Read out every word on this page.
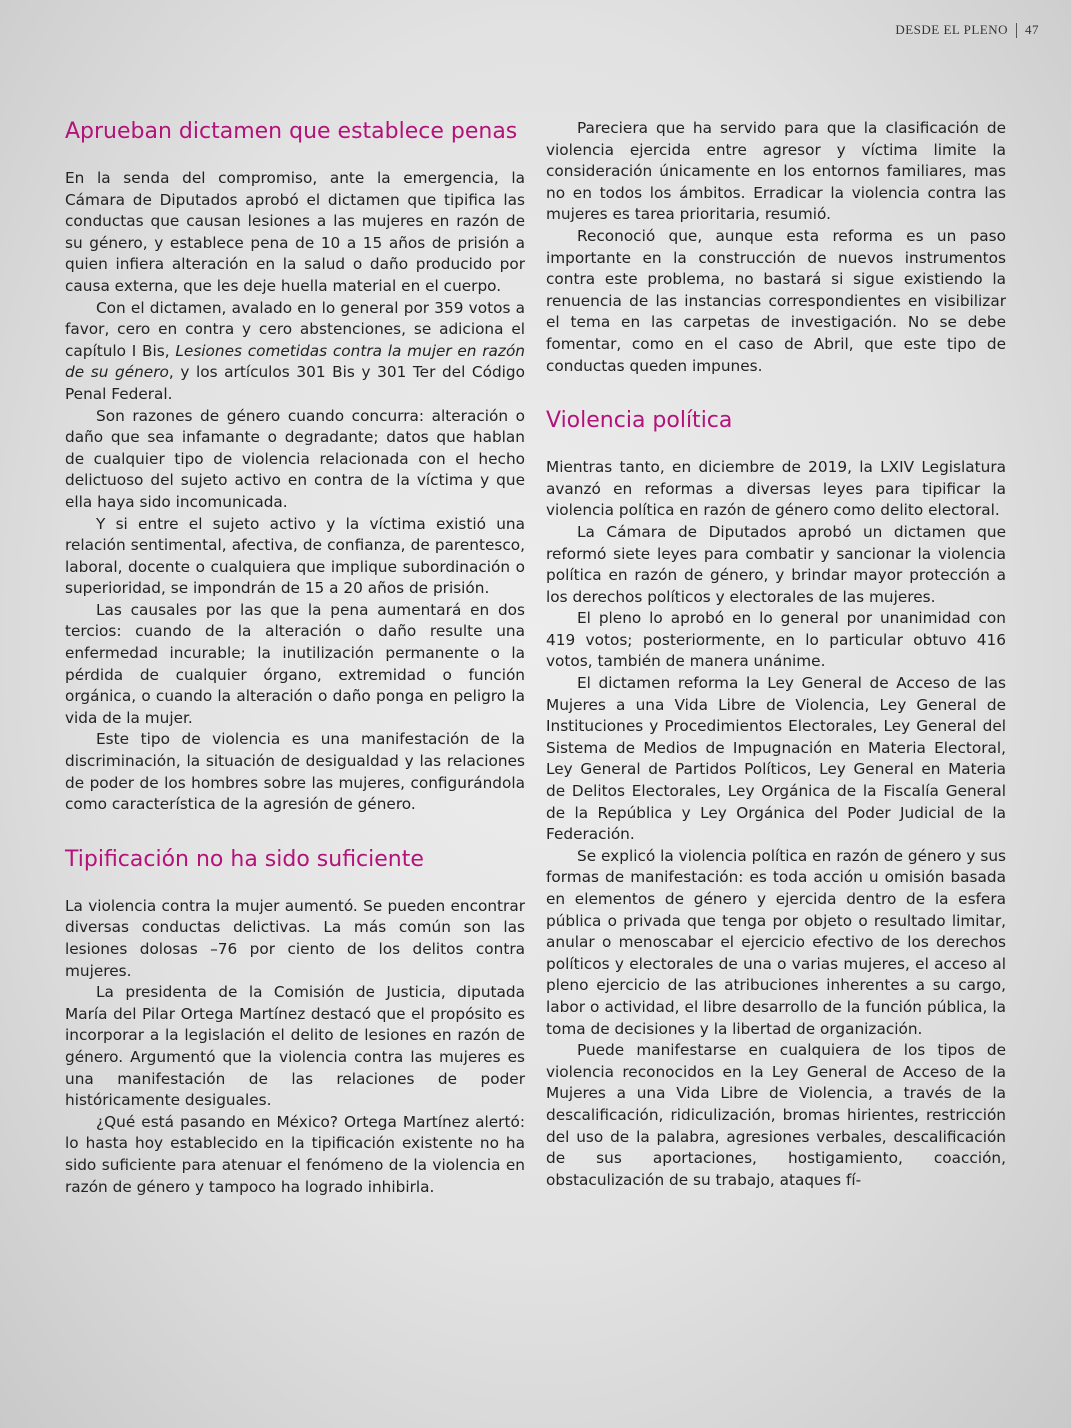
DESDE EL PLENO 47
Aprueban dictamen que establece penas

En la senda del compromiso, ante la emergencia, la Cámara de Diputados aprobó el dictamen que tipifica las conductas que causan lesiones a las mujeres en razón de su género, y establece pena de 10 a 15 años de prisión a quien infiera alteración en la salud o daño producido por causa externa, que les deje huella material en el cuerpo.

Con el dictamen, avalado en lo general por 359 votos a favor, cero en contra y cero abstenciones, se adiciona el capítulo I Bis, Lesiones cometidas contra la mujer en razón de su género, y los artículos 301 Bis y 301 Ter del Código Penal Federal.

Son razones de género cuando concurra: alteración o daño que sea infamante o degradante; datos que hablan de cualquier tipo de violencia relacionada con el hecho delictuoso del sujeto activo en contra de la víctima y que ella haya sido incomunicada.

Y si entre el sujeto activo y la víctima existió una relación sentimental, afectiva, de confianza, de parentesco, laboral, docente o cualquiera que implique subordinación o superioridad, se impondrán de 15 a 20 años de prisión.

Las causales por las que la pena aumentará en dos tercios: cuando de la alteración o daño resulte una enfermedad incurable; la inutilización permanente o la pérdida de cualquier órgano, extremidad o función orgánica, o cuando la alteración o daño ponga en peligro la vida de la mujer.

Este tipo de violencia es una manifestación de la discriminación, la situación de desigualdad y las relaciones de poder de los hombres sobre las mujeres, configurándola como característica de la agresión de género.

Tipificación no ha sido suficiente

La violencia contra la mujer aumentó. Se pueden encontrar diversas conductas delictivas. La más común son las lesiones dolosas –76 por ciento de los delitos contra mujeres.

La presidenta de la Comisión de Justicia, diputada María del Pilar Ortega Martínez destacó que el propósito es incorporar a la legislación el delito de lesiones en razón de género. Argumentó que la violencia contra las mujeres es una manifestación de las relaciones de poder históricamente desiguales.

¿Qué está pasando en México? Ortega Martínez alertó: lo hasta hoy establecido en la tipificación existente no ha sido suficiente para atenuar el fenómeno de la violencia en razón de género y tampoco ha logrado inhibirla.

Pareciera que ha servido para que la clasificación de violencia ejercida entre agresor y víctima limite la consideración únicamente en los entornos familiares, mas no en todos los ámbitos. Erradicar la violencia contra las mujeres es tarea prioritaria, resumió.

Reconoció que, aunque esta reforma es un paso importante en la construcción de nuevos instrumentos contra este problema, no bastará si sigue existiendo la renuencia de las instancias correspondientes en visibilizar el tema en las carpetas de investigación. No se debe fomentar, como en el caso de Abril, que este tipo de conductas queden impunes.

Violencia política

Mientras tanto, en diciembre de 2019, la LXIV Legislatura avanzó en reformas a diversas leyes para tipificar la violencia política en razón de género como delito electoral.

La Cámara de Diputados aprobó un dictamen que reformó siete leyes para combatir y sancionar la violencia política en razón de género, y brindar mayor protección a los derechos políticos y electorales de las mujeres.

El pleno lo aprobó en lo general por unanimidad con 419 votos; posteriormente, en lo particular obtuvo 416 votos, también de manera unánime.

El dictamen reforma la Ley General de Acceso de las Mujeres a una Vida Libre de Violencia, Ley General de Instituciones y Procedimientos Electorales, Ley General del Sistema de Medios de Impugnación en Materia Electoral, Ley General de Partidos Políticos, Ley General en Materia de Delitos Electorales, Ley Orgánica de la Fiscalía General de la República y Ley Orgánica del Poder Judicial de la Federación.

Se explicó la violencia política en razón de género y sus formas de manifestación: es toda acción u omisión basada en elementos de género y ejercida dentro de la esfera pública o privada que tenga por objeto o resultado limitar, anular o menoscabar el ejercicio efectivo de los derechos políticos y electorales de una o varias mujeres, el acceso al pleno ejercicio de las atribuciones inherentes a su cargo, labor o actividad, el libre desarrollo de la función pública, la toma de decisiones y la libertad de organización.

Puede manifestarse en cualquiera de los tipos de violencia reconocidos en la Ley General de Acceso de la Mujeres a una Vida Libre de Violencia, a través de la descalificación, ridiculización, bromas hirientes, restricción del uso de la palabra, agresiones verbales, descalificación de sus aportaciones, hostigamiento, coacción, obstaculización de su trabajo, ataques fí-
